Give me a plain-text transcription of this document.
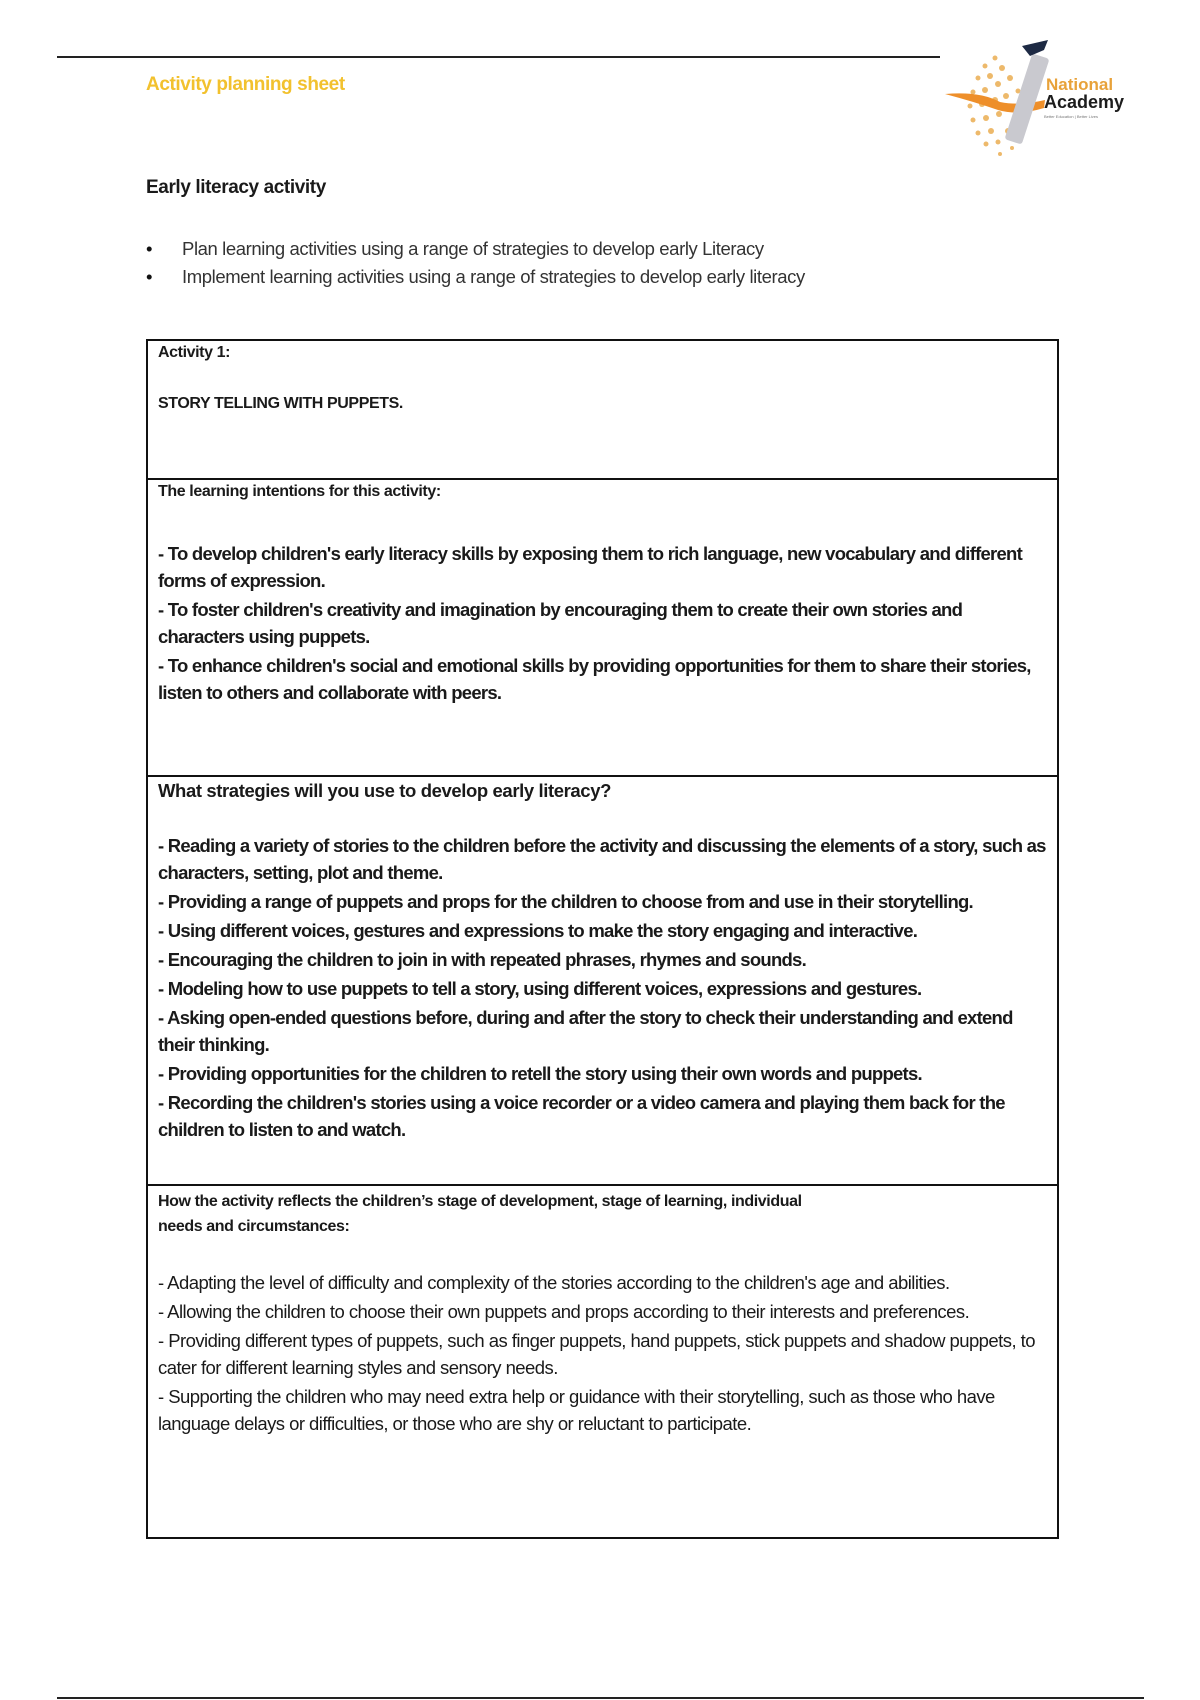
Activity planning sheet	National
Academy
Better Education | Better Lives
Early literacy activity
• Plan learning activities using a range of strategies to develop early Literacy
• Implement learning activities using a range of strategies to develop early literacy
Activity 1:
STORY TELLING WITH PUPPETS.
The learning intentions for this activity:
- To develop children's early literacy skills by exposing them to rich language, new vocabulary and different forms of expression.
- To foster children's creativity and imagination by encouraging them to create their own stories and characters using puppets.
- To enhance children's social and emotional skills by providing opportunities for them to share their stories, listen to others and collaborate with peers.
What strategies will you use to develop early literacy?
- Reading a variety of stories to the children before the activity and discussing the elements of a story, such as characters, setting, plot and theme.
- Providing a range of puppets and props for the children to choose from and use in their storytelling.
- Using different voices, gestures and expressions to make the story engaging and interactive.
- Encouraging the children to join in with repeated phrases, rhymes and sounds.
- Modeling how to use puppets to tell a story, using different voices, expressions and gestures.
- Asking open-ended questions before, during and after the story to check their understanding and extend their thinking.
- Providing opportunities for the children to retell the story using their own words and puppets.
- Recording the children's stories using a voice recorder or a video camera and playing them back for the children to listen to and watch.
How the activity reflects the children’s stage of development, stage of learning, individual
needs and circumstances:
- Adapting the level of difficulty and complexity of the stories according to the children's age and abilities.
- Allowing the children to choose their own puppets and props according to their interests and preferences.
- Providing different types of puppets, such as finger puppets, hand puppets, stick puppets and shadow puppets, to cater for different learning styles and sensory needs.
- Supporting the children who may need extra help or guidance with their storytelling, such as those who have language delays or difficulties, or those who are shy or reluctant to participate.
